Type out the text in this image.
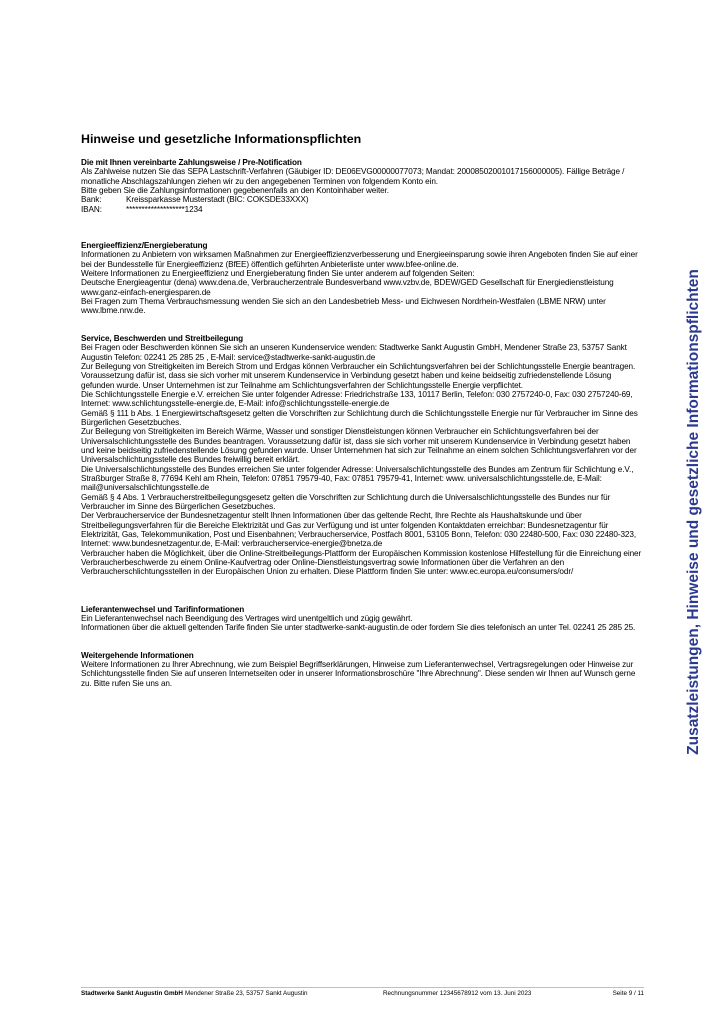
Hinweise und gesetzliche Informationspflichten
Die mit Ihnen vereinbarte Zahlungsweise / Pre-Notification
Als Zahlweise nutzen Sie das SEPA Lastschrift-Verfahren (Gäubiger ID: DE06EVG00000077073; Mandat: 20008502001017156000005). Fällige Beträge / monatliche Abschlagszahlungen ziehen wir zu den angegebenen Terminen von folgendem Konto ein.
Bitte geben Sie die Zahlungsinformationen gegebenenfalls an den Kontoinhaber weiter.
Bank:	Kreissparkasse Musterstadt (BIC: COKSDE33XXX)
IBAN:	*******************1234
Energieeffizienz/Energieberatung
Informationen zu Anbietern von wirksamen Maßnahmen zur Energieeffizienzverbesserung und Energieeinsparung sowie ihren Angeboten finden Sie auf einer bei der Bundesstelle für Energieeffizienz (BfEE) öffentlich geführten Anbieterliste unter www.bfee-online.de.
Weitere Informationen zu Energieeffizienz und Energieberatung finden Sie unter anderem auf folgenden Seiten:
Deutsche Energieagentur (dena) www.dena.de, Verbraucherzentrale Bundesverband www.vzbv.de, BDEW/GED Gesellschaft für Energiedienstleistung www.ganz-einfach-energiesparen.de
Bei Fragen zum Thema Verbrauchsmessung wenden Sie sich an den Landesbetrieb Mess- und Eichwesen Nordrhein-Westfalen (LBME NRW) unter www.lbme.nrw.de.
Service, Beschwerden und Streitbeilegung
Bei Fragen oder Beschwerden können Sie sich an unseren Kundenservice wenden: Stadtwerke Sankt Augustin GmbH, Mendener Straße 23, 53757 Sankt Augustin Telefon: 02241 25 285 25 , E-Mail: service@stadtwerke-sankt-augustin.de
Zur Beilegung von Streitigkeiten im Bereich Strom und Erdgas können Verbraucher ein Schlichtungsverfahren bei der Schlichtungsstelle Energie beantragen. Voraussetzung dafür ist, dass sie sich vorher mit unserem Kundenservice in Verbindung gesetzt haben und keine beidseitig zufriedenstellende Lösung gefunden wurde. Unser Unternehmen ist zur Teilnahme am Schlichtungsverfahren der Schlichtungsstelle Energie verpflichtet.
Die Schlichtungsstelle Energie e.V. erreichen Sie unter folgender Adresse: Friedrichstraße 133, 10117 Berlin, Telefon: 030 2757240-0, Fax: 030 2757240-69, Internet: www.schlichtungsstelle-energie.de, E-Mail: info@schlichtungsstelle-energie.de
Gemäß § 111 b Abs. 1 Energiewirtschaftsgesetz gelten die Vorschriften zur Schlichtung durch die Schlichtungsstelle Energie nur für Verbraucher im Sinne des Bürgerlichen Gesetzbuches.
Zur Beilegung von Streitigkeiten im Bereich Wärme, Wasser und sonstiger Dienstleistungen können Verbraucher ein Schlichtungsverfahren bei der Universalschlichtungsstelle des Bundes beantragen. Voraussetzung dafür ist, dass sie sich vorher mit unserem Kundenservice in Verbindung gesetzt haben und keine beidseitig zufriedenstellende Lösung gefunden wurde. Unser Unternehmen hat sich zur Teilnahme an einem solchen Schlichtungsverfahren vor der Universalschlichtungsstelle des Bundes freiwillig bereit erklärt.
Die Universalschlichtungsstelle des Bundes erreichen Sie unter folgender Adresse: Universalschlichtungsstelle des Bundes am Zentrum für Schlichtung e.V., Straßburger Straße 8, 77694 Kehl am Rhein, Telefon: 07851 79579-40, Fax: 07851 79579-41, Internet: www. universalschlichtungsstelle.de, E-Mail: mail@universalschlichtungsstelle.de
Gemäß § 4 Abs. 1 Verbraucherstreitbeilegungsgesetz gelten die Vorschriften zur Schlichtung durch die Universalschlichtungsstelle des Bundes nur für Verbraucher im Sinne des Bürgerlichen Gesetzbuches.
Der Verbraucherservice der Bundesnetzagentur stellt Ihnen Informationen über das geltende Recht, Ihre Rechte als Haushaltskunde und über Streitbeilegungsverfahren für die Bereiche Elektrizität und Gas zur Verfügung und ist unter folgenden Kontaktdaten erreichbar: Bundesnetzagentur für Elektrizität, Gas, Telekommunikation, Post und Eisenbahnen; Verbraucherservice, Postfach 8001, 53105 Bonn, Telefon: 030 22480-500, Fax: 030 22480-323, Internet: www.bundesnetzagentur.de, E-Mail: verbraucherservice-energie@bnetza.de
Verbraucher haben die Möglichkeit, über die Online-Streitbeilegungs-Plattform der Europäischen Kommission kostenlose Hilfestellung für die Einreichung einer Verbraucherbeschwerde zu einem Online-Kaufvertrag oder Online-Dienstleistungsvertrag sowie Informationen über die Verfahren an den Verbraucherschlichtungsstellen in der Europäischen Union zu erhalten. Diese Plattform finden Sie unter: www.ec.europa.eu/consumers/odr/
Lieferantenwechsel und Tarifinformationen
Ein Lieferantenwechsel nach Beendigung des Vertrages wird unentgeltlich und zügig gewährt.
Informationen über die aktuell geltenden Tarife finden Sie unter stadtwerke-sankt-augustin.de oder fordern Sie dies telefonisch an unter Tel. 02241 25 285 25.
Weitergehende Informationen
Weitere Informationen zu Ihrer Abrechnung, wie zum Beispiel Begriffserklärungen, Hinweise zum Lieferantenwechsel, Vertragsregelungen oder Hinweise zur Schlichtungsstelle finden Sie auf unseren Internetseiten oder in unserer Informationsbroschüre "Ihre Abrechnung". Diese senden wir Ihnen auf Wunsch gerne zu. Bitte rufen Sie uns an.	Zusatzleistungen, Hinweise und gesetzliche Informationspflichten
Stadtwerke Sankt Augustin GmbH Mendener Straße 23, 53757 Sankt Augustin	Rechnungsnummer 12345678912 vom 13. Juni 2023	Seite 9 / 11
